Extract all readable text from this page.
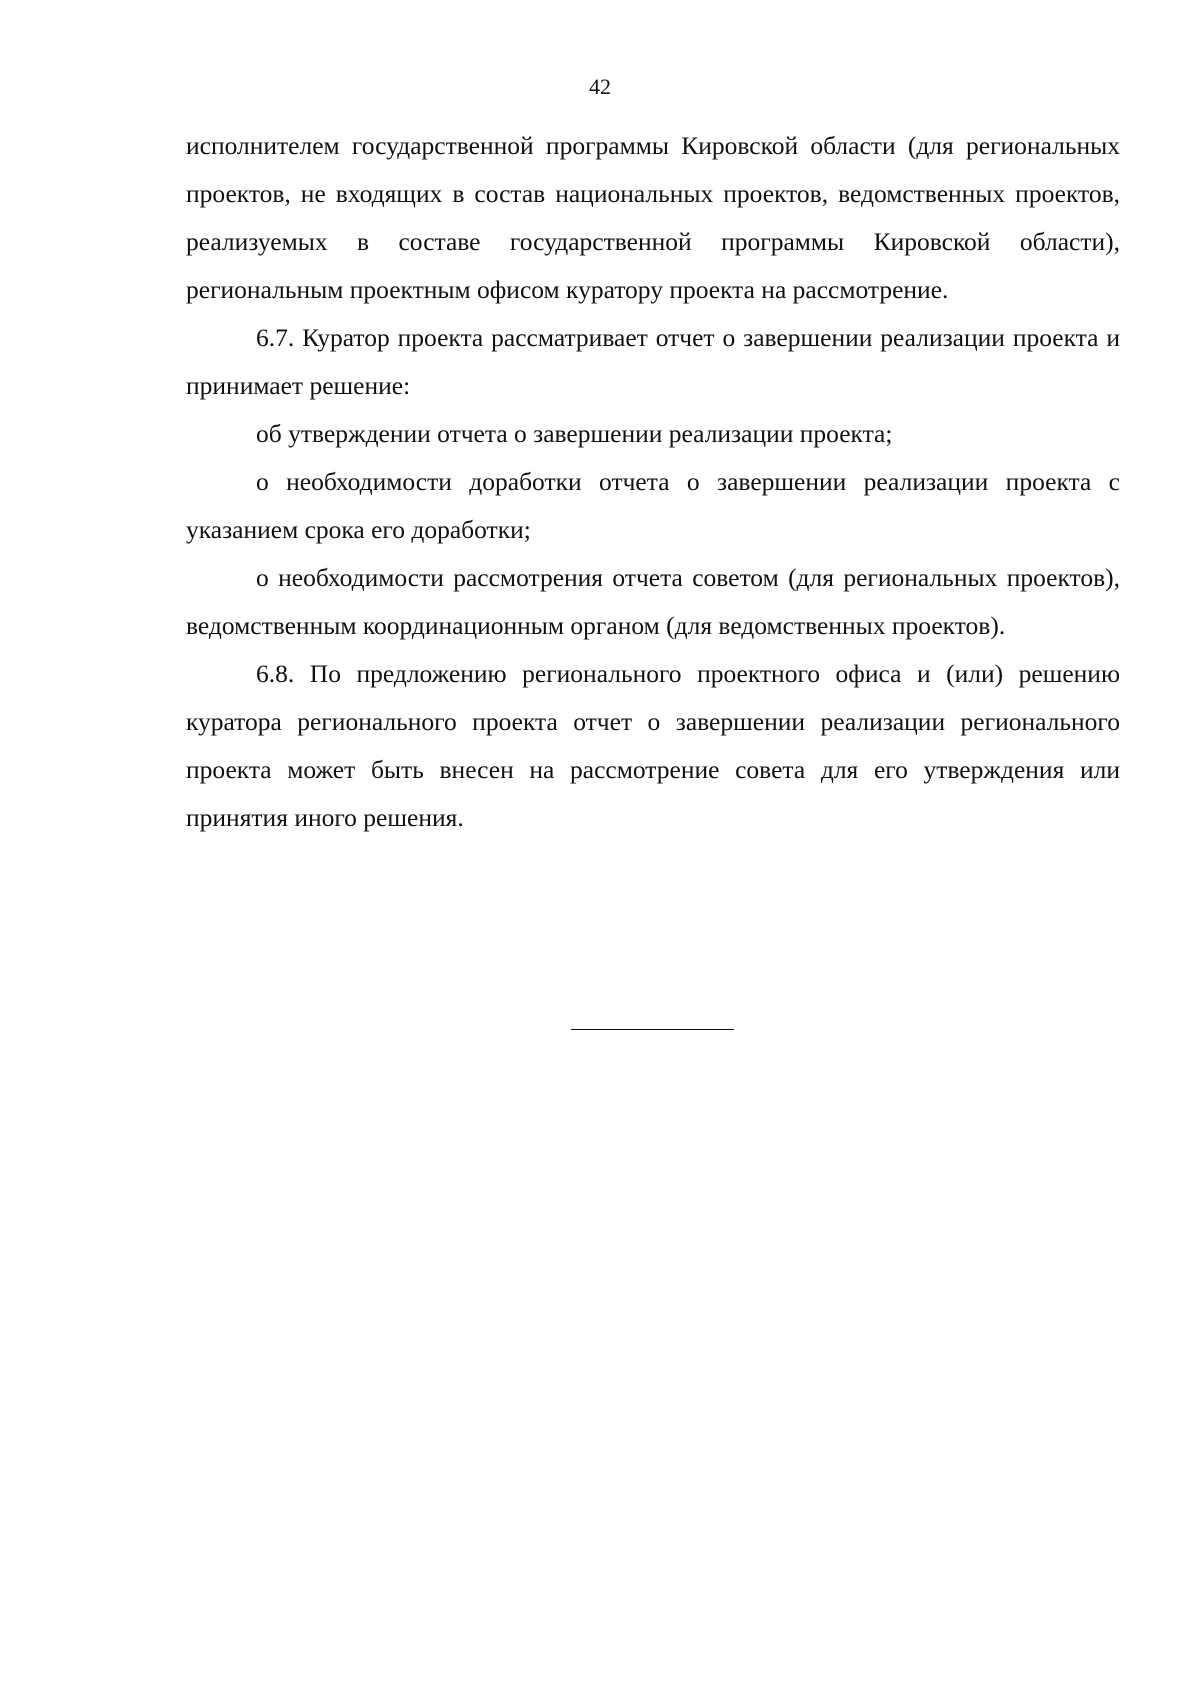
42

исполнителем государственной программы Кировской области (для региональных проектов, не входящих в состав национальных проектов, ведомственных проектов, реализуемых в составе государственной программы Кировской области), региональным проектным офисом куратору проекта на рассмотрение.

6.7. Куратор проекта рассматривает отчет о завершении реализации проекта и принимает решение:

об утверждении отчета о завершении реализации проекта;

о необходимости доработки отчета о завершении реализации проекта с указанием срока его доработки;

о необходимости рассмотрения отчета советом (для региональных проектов), ведомственным координационным органом (для ведомственных проектов).

6.8. По предложению регионального проектного офиса и (или) решению куратора регионального проекта отчет о завершении реализации регионального проекта может быть внесен на рассмотрение совета для его утверждения или принятия иного решения.
